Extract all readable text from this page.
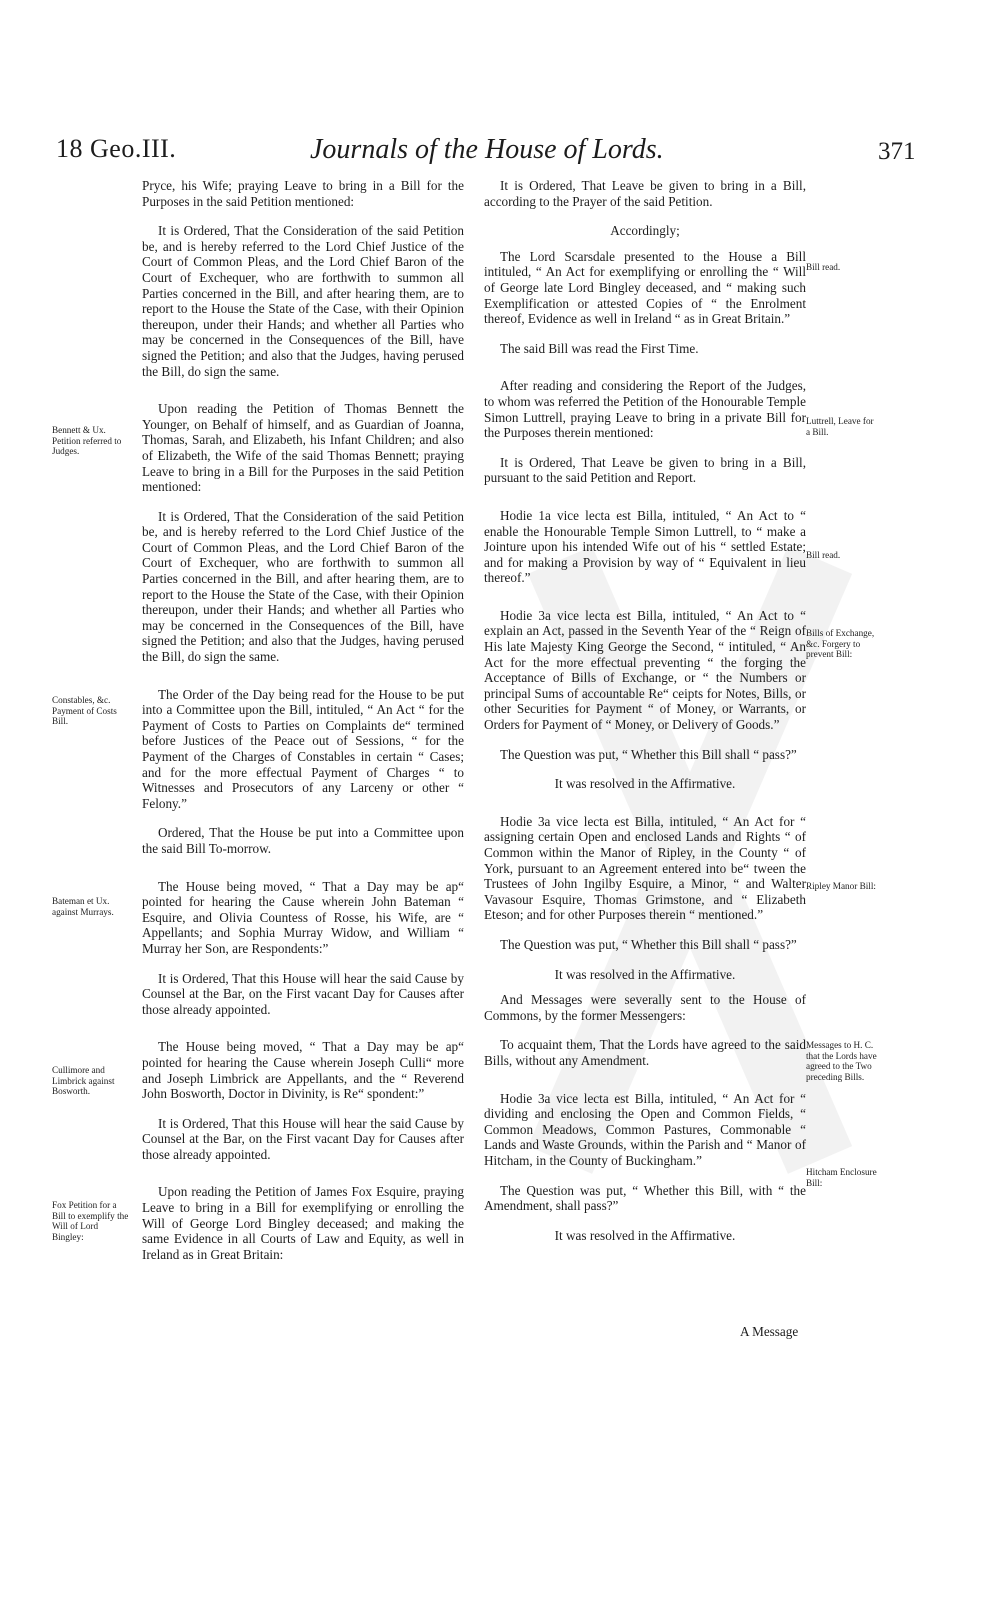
18 Geo.III.	Journals of the House of Lords.	371

Pryce, his Wife; praying Leave to bring in a Bill for the Purposes in the said Petition mentioned:

It is Ordered, That the Consideration of the said Petition be, and is hereby referred to the Lord Chief Justice of the Court of Common Pleas, and the Lord Chief Baron of the Court of Exchequer, who are forthwith to summon all Parties concerned in the Bill, and after hearing them, are to report to the House the State of the Case, with their Opinion thereupon, under their Hands; and whether all Parties who may be concerned in the Consequences of the Bill, have signed the Petition; and also that the Judges, having perused the Bill, do sign the same.

Upon reading the Petition of Thomas Bennett the Younger, on Behalf of himself, and as Guardian of Joanna, Thomas, Sarah, and Elizabeth, his Infant Children; and also of Elizabeth, the Wife of the said Thomas Bennett; praying Leave to bring in a Bill for the Purposes in the said Petition mentioned:

It is Ordered, That the Consideration of the said Petition be, and is hereby referred to the Lord Chief Justice of the Court of Common Pleas, and the Lord Chief Baron of the Court of Exchequer, who are forthwith to summon all Parties concerned in the Bill, and after hearing them, are to report to the House the State of the Case, with their Opinion thereupon, under their Hands; and whether all Parties who may be concerned in the Consequences of the Bill, have signed the Petition; and also that the Judges, having perused the Bill, do sign the same.

The Order of the Day being read for the House to be put into a Committee upon the Bill, intituled, “ An Act “ for the Payment of Costs to Parties on Complaints de“ termined before Justices of the Peace out of Sessions, “ for the Payment of the Charges of Constables in certain “ Cases; and for the more effectual Payment of Charges “ to Witnesses and Prosecutors of any Larceny or other “ Felony.”

Ordered, That the House be put into a Committee upon the said Bill To-morrow.

The House being moved, “ That a Day may be ap“ pointed for hearing the Cause wherein John Bateman “ Esquire, and Olivia Countess of Rosse, his Wife, are “ Appellants; and Sophia Murray Widow, and William “ Murray her Son, are Respondents:”

It is Ordered, That this House will hear the said Cause by Counsel at the Bar, on the First vacant Day for Causes after those already appointed.

The House being moved, “ That a Day may be ap“ pointed for hearing the Cause wherein Joseph Culli“ more and Joseph Limbrick are Appellants, and the “ Reverend John Bosworth, Doctor in Divinity, is Re“ spondent:”

It is Ordered, That this House will hear the said Cause by Counsel at the Bar, on the First vacant Day for Causes after those already appointed.

Upon reading the Petition of James Fox Esquire, praying Leave to bring in a Bill for exemplifying or enrolling the Will of George Lord Bingley deceased; and making the same Evidence in all Courts of Law and Equity, as well in Ireland as in Great Britain:

It is Ordered, That Leave be given to bring in a Bill, according to the Prayer of the said Petition.

Accordingly;

The Lord Scarsdale presented to the House a Bill intituled, “ An Act for exemplifying or enrolling the “ Will of George late Lord Bingley deceased, and “ making such Exemplification or attested Copies of “ the Enrolment thereof, Evidence as well in Ireland “ as in Great Britain.”

The said Bill was read the First Time.

After reading and considering the Report of the Judges, to whom was referred the Petition of the Honourable Temple Simon Luttrell, praying Leave to bring in a private Bill for the Purposes therein mentioned:

It is Ordered, That Leave be given to bring in a Bill, pursuant to the said Petition and Report.

Hodie 1a vice lecta est Billa, intituled, “ An Act to “ enable the Honourable Temple Simon Luttrell, to “ make a Jointure upon his intended Wife out of his “ settled Estate; and for making a Provision by way of “ Equivalent in lieu thereof.”

Hodie 3a vice lecta est Billa, intituled, “ An Act to “ explain an Act, passed in the Seventh Year of the “ Reign of His late Majesty King George the Second, “ intituled, “ An Act for the more effectual preventing “ the forging the Acceptance of Bills of Exchange, or “ the Numbers or principal Sums of accountable Re“ ceipts for Notes, Bills, or other Securities for Payment “ of Money, or Warrants, or Orders for Payment of “ Money, or Delivery of Goods.”

The Question was put, “ Whether this Bill shall “ pass?”

It was resolved in the Affirmative.

Hodie 3a vice lecta est Billa, intituled, “ An Act for “ assigning certain Open and enclosed Lands and Rights “ of Common within the Manor of Ripley, in the County “ of York, pursuant to an Agreement entered into be“ tween the Trustees of John Ingilby Esquire, a Minor, “ and Walter Vavasour Esquire, Thomas Grimstone, and “ Elizabeth Eteson; and for other Purposes therein “ mentioned.”

The Question was put, “ Whether this Bill shall “ pass?”

It was resolved in the Affirmative.

And Messages were severally sent to the House of Commons, by the former Messengers:

To acquaint them, That the Lords have agreed to the said Bills, without any Amendment.

Hodie 3a vice lecta est Billa, intituled, “ An Act for “ dividing and enclosing the Open and Common Fields, “ Common Meadows, Common Pastures, Commonable “ Lands and Waste Grounds, within the Parish and “ Manor of Hitcham, in the County of Buckingham.”

The Question was put, “ Whether this Bill, with “ the Amendment, shall pass?”

It was resolved in the Affirmative.

Bennett & Ux. Petition referred to Judges.
Constables, &c. Payment of Costs Bill.
Bateman et Ux. against Murrays.
Cullimore and Limbrick against Bosworth.
Fox Petition for a Bill to exemplify the Will of Lord Bingley:
Bill read.
Luttrell, Leave for a Bill.
Bill read.
Bills of Exchange, &c. Forgery to prevent Bill:
Ripley Manor Bill:
Messages to H. C. that the Lords have agreed to the Two preceding Bills.
Hitcham Enclosure Bill:
A Message
